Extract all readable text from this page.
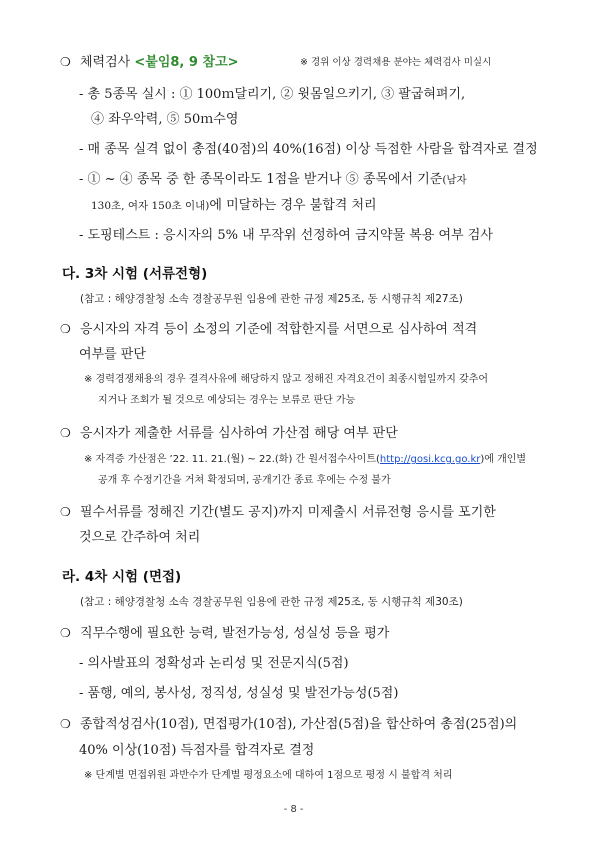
❍ 체력검사 <붙임8, 9 참고>	※ 경위 이상 경력채용 분야는 체력검사 미실시
- 총 5종목 실시 : ① 100ｍ달리기, ② 윗몸일으키기, ③ 팔굽혀펴기,
④ 좌우악력, ⑤ 50ｍ수영
- 매 종목 실격 없이 총점(40점)의 40%(16점) 이상 득점한 사람을 합격자로 결정
- ① ~ ④ 종목 중 한 종목이라도 1점을 받거나 ⑤ 종목에서 기준(남자
130초, 여자 150초 이내)에 미달하는 경우 불합격 처리
- 도핑테스트 : 응시자의 5% 내 무작위 선정하여 금지약물 복용 여부 검사
다. 3차 시험 (서류전형)
(참고 : 해양경찰청 소속 경찰공무원 임용에 관한 규정 제25조, 동 시행규칙 제27조)
❍ 응시자의 자격 등이 소정의 기준에 적합한지를 서면으로 심사하여 적격
여부를 판단
※ 경력경쟁채용의 경우 결격사유에 해당하지 않고 정해진 자격요건이 최종시험일까지 갖추어
지거나 조회가 될 것으로 예상되는 경우는 보류로 판단 가능
❍ 응시자가 제출한 서류를 심사하여 가산점 해당 여부 판단
※ 자격증 가산점은 ’22. 11. 21.(월) ~ 22.(화) 간 원서접수사이트(http://gosi.kcg.go.kr)에 개인별
공개 후 수정기간을 거쳐 확정되며, 공개기간 종료 후에는 수정 불가
❍ 필수서류를 정해진 기간(별도 공지)까지 미제출시 서류전형 응시를 포기한
것으로 간주하여 처리
라. 4차 시험 (면접)
(참고 : 해양경찰청 소속 경찰공무원 임용에 관한 규정 제25조, 동 시행규칙 제30조)
❍ 직무수행에 필요한 능력, 발전가능성, 성실성 등을 평가
- 의사발표의 정확성과 논리성 및 전문지식(5점)
- 품행, 예의, 봉사성, 정직성, 성실성 및 발전가능성(5점)
❍ 종합적성검사(10점), 면접평가(10점), 가산점(5점)을 합산하여 총점(25점)의
40% 이상(10점) 득점자를 합격자로 결정
※ 단계별 면접위원 과반수가 단계별 평정요소에 대하여 1점으로 평정 시 불합격 처리
- 8 -
